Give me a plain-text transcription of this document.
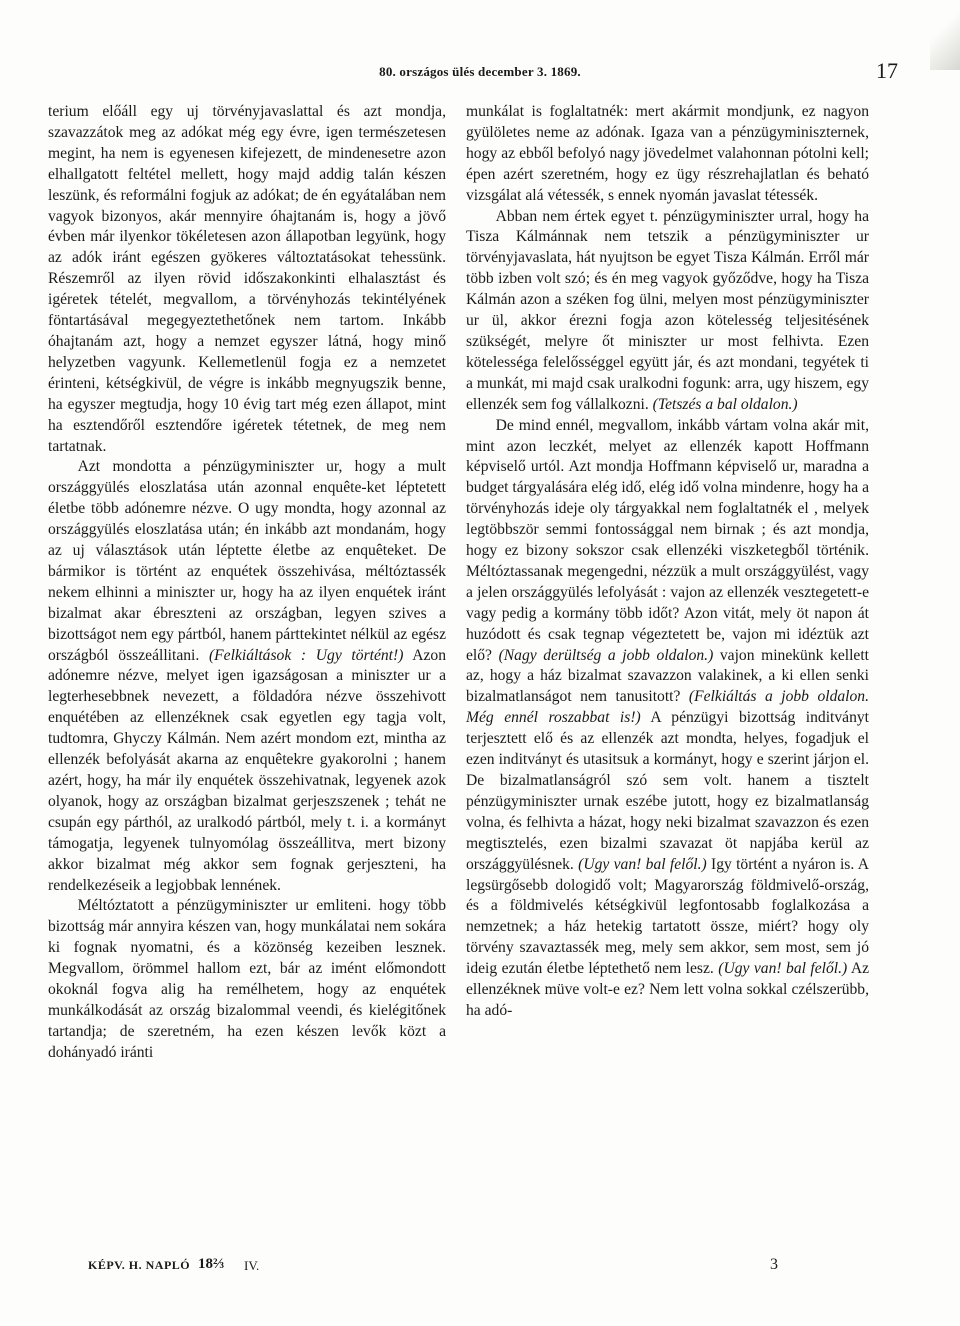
80. országos ülés december 3. 1869.	17

terium előáll egy uj törvényjavaslattal és azt mondja, szavazzátok meg az adókat még egy évre, igen természetesen megint, ha nem is egyenesen kifejezett, de mindenesetre azon elhallgatott feltétel mellett, hogy majd addig talán készen leszünk, és reformálni fogjuk az adókat; de én egyátalában nem vagyok bizonyos, akár mennyire óhajtanám is, hogy a jövő évben már ilyenkor tökéletesen azon állapotban legyünk, hogy az adók iránt egészen gyökeres változtatásokat tehessünk. Részemről az ilyen rövid időszakonkinti elhalasztást és igéretek tételét, megvallom, a törvényhozás tekintélyének föntartásával megegyeztethetőnek nem tartom. Inkább óhajtanám azt, hogy a nemzet egyszer látná, hogy minő helyzetben vagyunk. Kellemetlenül fogja ez a nemzetet érinteni, kétségkivül, de végre is inkább megnyugszik benne, ha egyszer megtudja, hogy 10 évig tart még ezen állapot, mint ha esztendőről esztendőre igéretek tétetnek, de meg nem tartatnak.

Azt mondotta a pénzügyminiszter ur, hogy a mult országgyülés eloszlatása után azonnal enquête-ket léptetett életbe több adónemre nézve. O ugy mondta, hogy azonnal az országgyülés eloszlatása után; én inkább azt mondanám, hogy az uj választások után léptette életbe az enquêteket. De bármikor is történt az enquétek összehivása, méltóztassék nekem elhinni a miniszter ur, hogy ha az ilyen enquétek iránt bizalmat akar ébreszteni az országban, legyen szives a bizottságot nem egy pártból, hanem párttekintet nélkül az egész országból összeállitani. (Felkiáltások : Ugy történt!) Azon adónemre nézve, melyet igen igazságosan a miniszter ur a legterhesebbnek nevezett, a földadóra nézve összehivott enquétében az ellenzéknek csak egyetlen egy tagja volt, tudtomra, Ghyczy Kálmán. Nem azért mondom ezt, mintha az ellenzék befolyását akarna az enquêtekre gyakorolni ; hanem azért, hogy, ha már ily enquétek összehivatnak, legyenek azok olyanok, hogy az országban bizalmat gerjeszszenek ; tehát ne csupán egy párthól, az uralkodó pártból, mely t. i. a kormányt támogatja, legyenek tulnyomólag összeállitva, mert bizony akkor bizalmat még akkor sem fognak gerjeszteni, ha rendelkezéseik a legjobbak lennének.

Méltóztatott a pénzügyminiszter ur emliteni. hogy több bizottság már annyira készen van, hogy munkálatai nem sokára ki fognak nyomatni, és a közönség kezeiben lesznek. Megvallom, örömmel hallom ezt, bár az imént előmondott okoknál fogva alig ha remélhetem, hogy az enquétek munkálkodását az ország bizalommal veendi, és kielégitőnek tartandja; de szeretném, ha ezen készen levők közt a dohányadó iránti

munkálat is foglaltatnék: mert akármit mondjunk, ez nagyon gyülöletes neme az adónak. Igaza van a pénzügyminiszternek, hogy az ebből befolyó nagy jövedelmet valahonnan pótolni kell; épen azért szeretném, hogy ez ügy részrehajlatlan és beható vizsgálat alá vétessék, s ennek nyomán javaslat tétessék.

Abban nem értek egyet t. pénzügyminiszter urral, hogy ha Tisza Kálmánnak nem tetszik a pénzügyminiszter ur törvényjavaslata, hát nyujtson be egyet Tisza Kálmán. Erről már több izben volt szó; és én meg vagyok győződve, hogy ha Tisza Kálmán azon a széken fog ülni, melyen most pénzügyminiszter ur ül, akkor érezni fogja azon kötelesség teljesitésének szükségét, melyre őt miniszter ur most felhivta. Ezen kötelességa felelősséggel együtt jár, és azt mondani, tegyétek ti a munkát, mi majd csak uralkodni fogunk: arra, ugy hiszem, egy ellenzék sem fog vállalkozni. (Tetszés a bal oldalon.)

De mind ennél, megvallom, inkább vártam volna akár mit, mint azon leczkét, melyet az ellenzék kapott Hoffmann képviselő urtól. Azt mondja Hoffmann képviselő ur, maradna a budget tárgyalására elég idő, elég idő volna mindenre, hogy ha a törvényhozás ideje oly tárgyakkal nem foglaltatnék el , melyek legtöbbször semmi fontossággal nem birnak ; és azt mondja, hogy ez bizony sokszor csak ellenzéki viszketegből történik. Méltóztassanak megengedni, nézzük a mult országgyülést, vagy a jelen országgyülés lefolyását : vajon az ellenzék vesztegetett-e vagy pedig a kormány több időt? Azon vitát, mely öt napon át huzódott és csak tegnap végeztetett be, vajon mi idéztük azt elő? (Nagy derültség a jobb oldalon.) vajon minekünk kellett az, hogy a ház bizalmat szavazzon valakinek, a ki ellen senki bizalmatlanságot nem tanusitott? (Felkiáltás a jobb oldalon. Még ennél roszabbat is!) A pénzügyi bizottság inditványt terjesztett elő és az ellenzék azt mondta, helyes, fogadjuk el ezen inditványt és utasitsuk a kormányt, hogy e szerint járjon el. De bizalmatlanságról szó sem volt. hanem a tisztelt pénzügyminiszter urnak eszébe jutott, hogy ez bizalmatlanság volna, és felhivta a házat, hogy neki bizalmat szavazzon és ezen megtisztelés, ezen bizalmi szavazat öt napjába kerül az országgyülésnek. (Ugy van! bal felől.) Igy történt a nyáron is. A legsürgősebb dologidő volt; Magyarország földmivelő-ország, és a földmivelés kétségkivül legfontosabb foglalkozása a nemzetnek; a ház hetekig tartatott össze, miért? hogy oly törvény szavaztassék meg, mely sem akkor, sem most, sem jó ideig ezután életbe léptethető nem lesz. (Ugy van! bal felől.) Az ellenzéknek müve volt-e ez? Nem lett volna sokkal czélszerübb, ha adó-

KÉPV. H. NAPLÓ 18⅔ IV.	3
